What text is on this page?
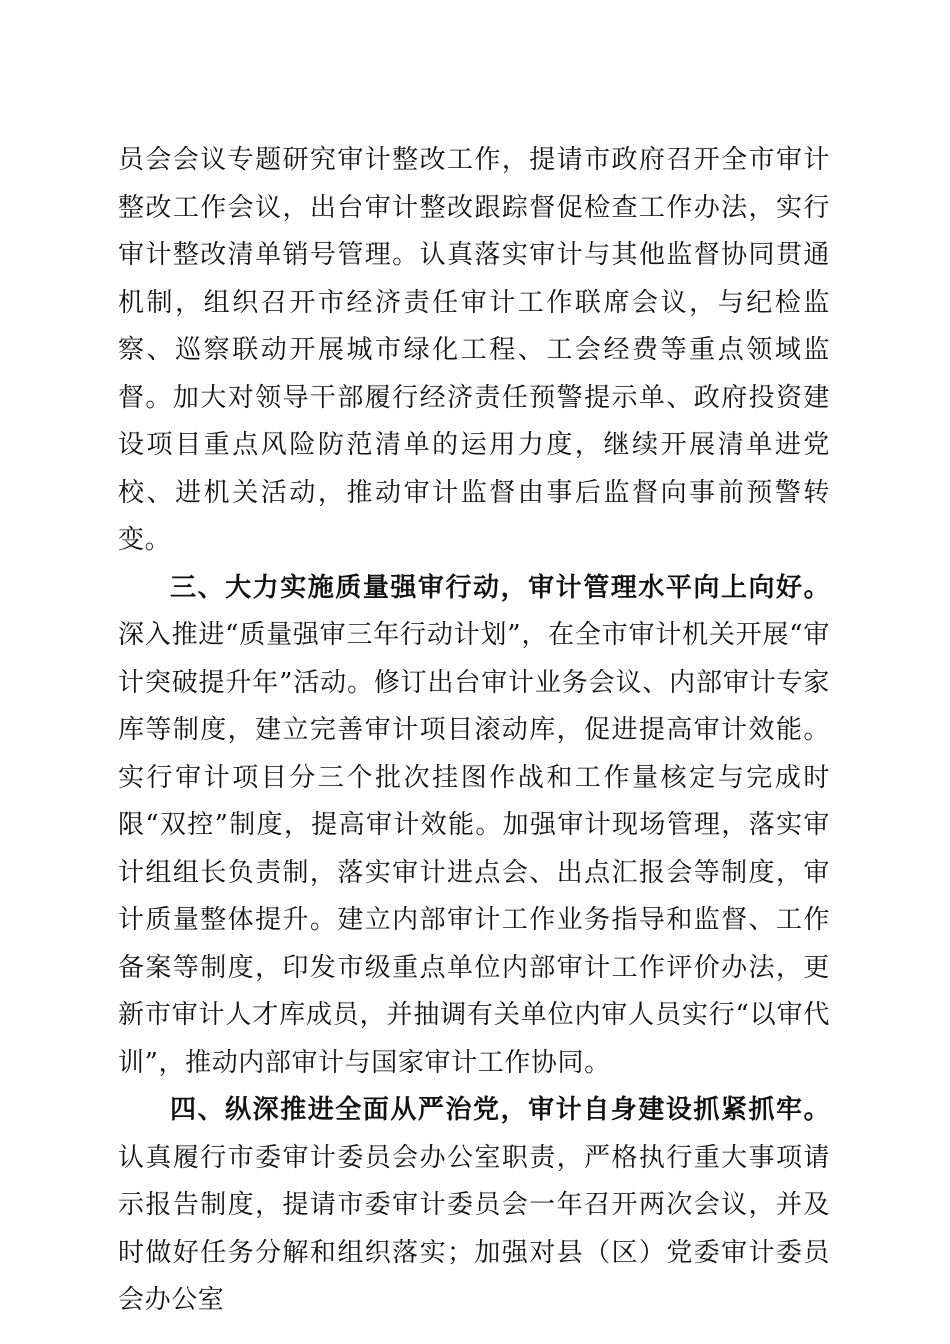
员会会议专题研究审计整改工作，提请市政府召开全市审计整改工作会议，出台审计整改跟踪督促检查工作办法，实行审计整改清单销号管理。认真落实审计与其他监督协同贯通机制，组织召开市经济责任审计工作联席会议，与纪检监察、巡察联动开展城市绿化工程、工会经费等重点领域监督。加大对领导干部履行经济责任预警提示单、政府投资建设项目重点风险防范清单的运用力度，继续开展清单进党校、进机关活动，推动审计监督由事后监督向事前预警转变。

三、大力实施质量强审行动，审计管理水平向上向好。深入推进“质量强审三年行动计划”，在全市审计机关开展“审计突破提升年”活动。修订出台审计业务会议、内部审计专家库等制度，建立完善审计项目滚动库，促进提高审计效能。实行审计项目分三个批次挂图作战和工作量核定与完成时限“双控”制度，提高审计效能。加强审计现场管理，落实审计组组长负责制，落实审计进点会、出点汇报会等制度，审计质量整体提升。建立内部审计工作业务指导和监督、工作备案等制度，印发市级重点单位内部审计工作评价办法，更新市审计人才库成员，并抽调有关单位内审人员实行“以审代训”，推动内部审计与国家审计工作协同。

四、纵深推进全面从严治党，审计自身建设抓紧抓牢。认真履行市委审计委员会办公室职责，严格执行重大事项请示报告制度，提请市委审计委员会一年召开两次会议，并及时做好任务分解和组织落实；加强对县（区）党委审计委员会办公室
